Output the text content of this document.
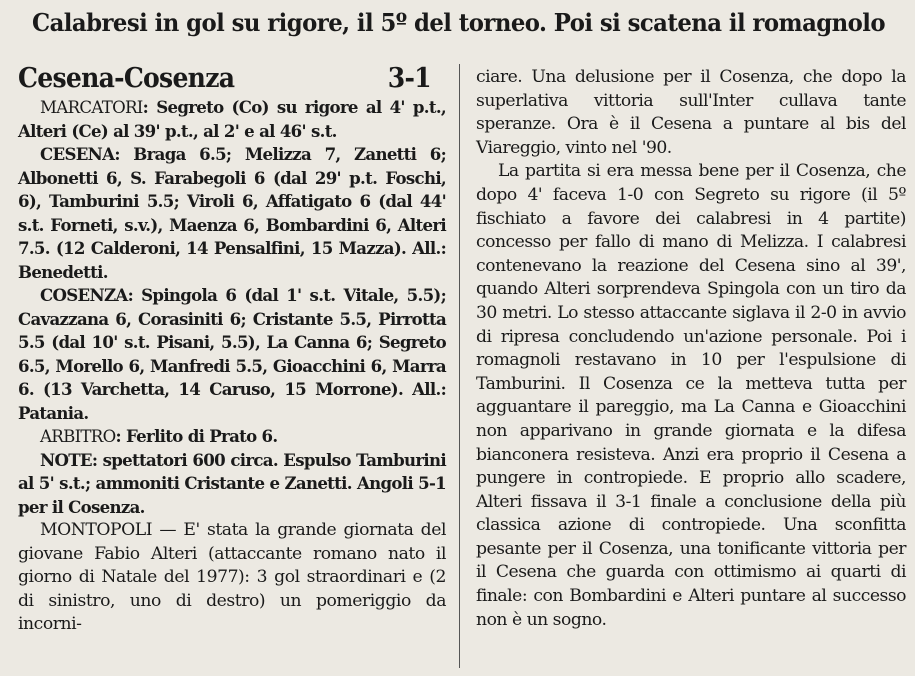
Calabresi in gol su rigore, il 5º del torneo. Poi si scatena il romagnolo
Cesena-Cosenza	3-1

MARCATORI: Segreto (Co) su rigore al 4' p.t., Alteri (Ce) al 39' p.t., al 2' e al 46' s.t.

CESENA: Braga 6.5; Melizza 7, Zanetti 6; Albonetti 6, S. Farabegoli 6 (dal 29' p.t. Foschi, 6), Tamburini 5.5; Viroli 6, Affatigato 6 (dal 44' s.t. Forneti, s.v.), Maenza 6, Bombardini 6, Alteri 7.5. (12 Calderoni, 14 Pensalfini, 15 Mazza). All.: Benedetti.

COSENZA: Spingola 6 (dal 1' s.t. Vitale, 5.5); Cavazzana 6, Corasiniti 6; Cristante 5.5, Pirrotta 5.5 (dal 10' s.t. Pisani, 5.5), La Canna 6; Segreto 6.5, Morello 6, Manfredi 5.5, Gioacchini 6, Marra 6. (13 Varchetta, 14 Caruso, 15 Morrone). All.: Patania.

ARBITRO: Ferlito di Prato 6.

NOTE: spettatori 600 circa. Espulso Tamburini al 5' s.t.; ammoniti Cristante e Zanetti. Angoli 5-1 per il Cosenza.

MONTOPOLI — E' stata la grande giornata del giovane Fabio Alteri (attaccante romano nato il giorno di Natale del 1977): 3 gol straordinari e (2 di sinistro, uno di destro) un pomeriggio da incorni-

ciare. Una delusione per il Cosenza, che dopo la superlativa vittoria sull'Inter cullava tante speranze. Ora è il Cesena a puntare al bis del Viareggio, vinto nel '90.

La partita si era messa bene per il Cosenza, che dopo 4' faceva 1-0 con Segreto su rigore (il 5º fischiato a favore dei calabresi in 4 partite) concesso per fallo di mano di Melizza. I calabresi contenevano la reazione del Cesena sino al 39', quando Alteri sorprendeva Spingola con un tiro da 30 metri. Lo stesso attaccante siglava il 2-0 in avvio di ripresa concludendo un'azione personale. Poi i romagnoli restavano in 10 per l'espulsione di Tamburini. Il Cosenza ce la metteva tutta per agguantare il pareggio, ma La Canna e Gioacchini non apparivano in grande giornata e la difesa bianconera resisteva. Anzi era proprio il Cesena a pungere in contropiede. E proprio allo scadere, Alteri fissava il 3-1 finale a conclusione della più classica azione di contropiede. Una sconfitta pesante per il Cosenza, una tonificante vittoria per il Cesena che guarda con ottimismo ai quarti di finale: con Bombardini e Alteri puntare al successo non è un sogno.
